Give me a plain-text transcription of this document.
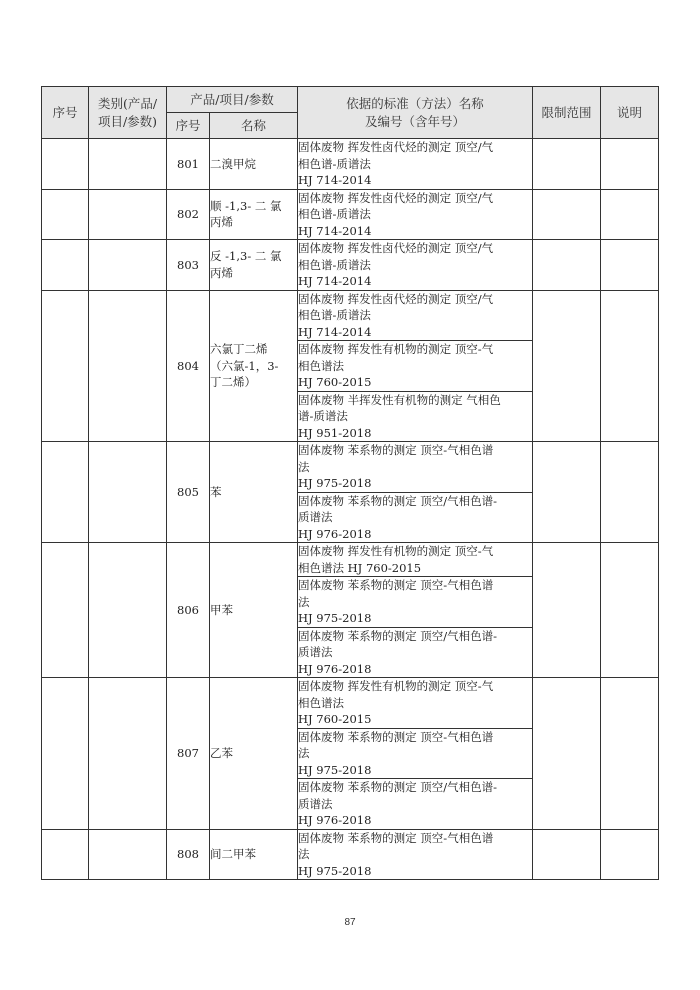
序号	类别(产品/
项目/参数)	产品/项目/参数		依据的标准（方法）名称
及编号（含年号）	限制范围	说明
		序号	名称			
		801	二溴甲烷	固体废物 挥发性卤代烃的测定 顶空/气
相色谱-质谱法
HJ 714-2014		

		802	顺 -1,3- 二 氯
丙烯	固体废物 挥发性卤代烃的测定 顶空/气
相色谱-质谱法
HJ 714-2014		

		803	反 -1,3- 二 氯
丙烯	固体废物 挥发性卤代烃的测定 顶空/气
相色谱-质谱法
HJ 714-2014		

		804	六氯丁二烯
（六氯-1，3-
丁二烯）	固体废物 挥发性卤代烃的测定 顶空/气
相色谱-质谱法
HJ 714-2014		

				固体废物 挥发性有机物的测定 顶空-气
相色谱法
HJ 760-2015		

				固体废物 半挥发性有机物的测定 气相色
谱-质谱法
HJ 951-2018		

		805	苯	固体废物 苯系物的测定 顶空-气相色谱
法
HJ 975-2018		

				固体废物 苯系物的测定 顶空/气相色谱-
质谱法
HJ 976-2018		

		806	甲苯	固体废物 挥发性有机物的测定 顶空-气
相色谱法 HJ 760-2015		

				固体废物 苯系物的测定 顶空-气相色谱
法
HJ 975-2018		

				固体废物 苯系物的测定 顶空/气相色谱-
质谱法
HJ 976-2018		

		807	乙苯	固体废物 挥发性有机物的测定 顶空-气
相色谱法
HJ 760-2015		

				固体废物 苯系物的测定 顶空-气相色谱
法
HJ 975-2018		

				固体废物 苯系物的测定 顶空/气相色谱-
质谱法
HJ 976-2018		

		808	间二甲苯	固体废物 苯系物的测定 顶空-气相色谱
法
HJ 975-2018		

87
